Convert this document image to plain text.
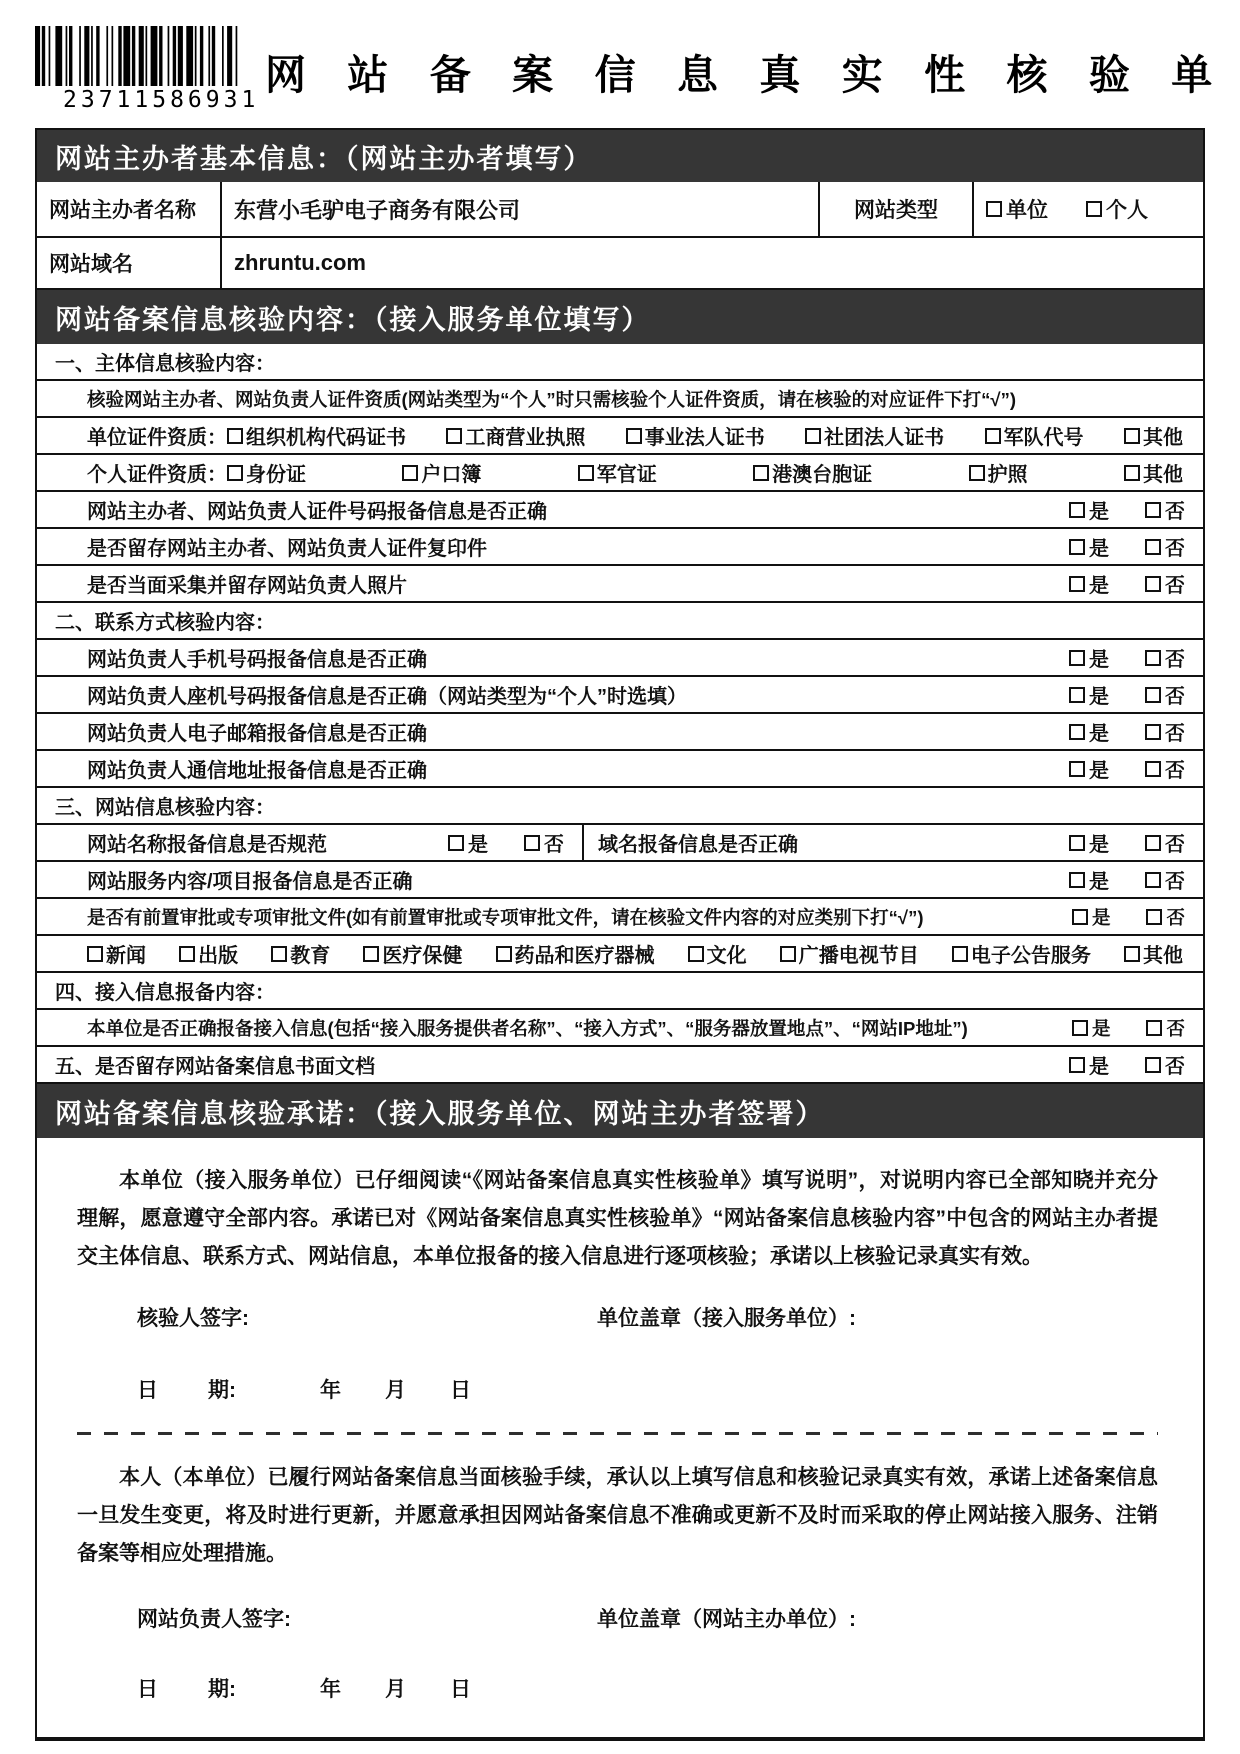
23711586931
网 站 备 案 信 息 真 实 性 核 验 单
网站主办者基本信息：（网站主办者填写）
网站主办者名称	东营小毛驴电子商务有限公司	网站类型	单位	个人
网站域名	zhruntu.com
网站备案信息核验内容：（接入服务单位填写）
一、主体信息核验内容：
核验网站主办者、网站负责人证件资质(网站类型为“个人”时只需核验个人证件资质，请在核验的对应证件下打“√”)
单位证件资质： 组织机构代码证书	工商营业执照	事业法人证书	社团法人证书	军队代号	其他
个人证件资质： 身份证	户口簿	军官证	港澳台胞证	护照	其他
网站主办者、网站负责人证件号码报备信息是否正确	是	否
是否留存网站主办者、网站负责人证件复印件	是	否
是否当面采集并留存网站负责人照片	是	否
二、联系方式核验内容：
网站负责人手机号码报备信息是否正确	是	否
网站负责人座机号码报备信息是否正确（网站类型为“个人”时选填）	是	否
网站负责人电子邮箱报备信息是否正确	是	否
网站负责人通信地址报备信息是否正确	是	否
三、网站信息核验内容：
网站名称报备信息是否规范	是	否 域名报备信息是否正确	是	否
网站服务内容/项目报备信息是否正确	是	否
是否有前置审批或专项审批文件(如有前置审批或专项审批文件，请在核验文件内容的对应类别下打“√”)	是	否
新闻	出版	教育	医疗保健	药品和医疗器械	文化	广播电视节目	电子公告服务	其他
四、接入信息报备内容：
本单位是否正确报备接入信息(包括“接入服务提供者名称”、“接入方式”、“服务器放置地点”、“网站IP地址”)	是	否
五、是否留存网站备案信息书面文档	是	否
网站备案信息核验承诺：（接入服务单位、网站主办者签署）

本单位（接入服务单位）已仔细阅读“《网站备案信息真实性核验单》填写说明”，对说明内容已全部知晓并充分理解，愿意遵守全部内容。承诺已对《网站备案信息真实性核验单》“网站备案信息核验内容”中包含的网站主办者提交主体信息、联系方式、网站信息，本单位报备的接入信息进行逐项核验；承诺以上核验记录真实有效。

核验人签字:	单位盖章（接入服务单位）:
日 期:	年 月 日

本人（本单位）已履行网站备案信息当面核验手续，承认以上填写信息和核验记录真实有效，承诺上述备案信息一旦发生变更，将及时进行更新，并愿意承担因网站备案信息不准确或更新不及时而采取的停止网站接入服务、注销备案等相应处理措施。

网站负责人签字:	单位盖章（网站主办单位）:
日 期:	年 月 日
